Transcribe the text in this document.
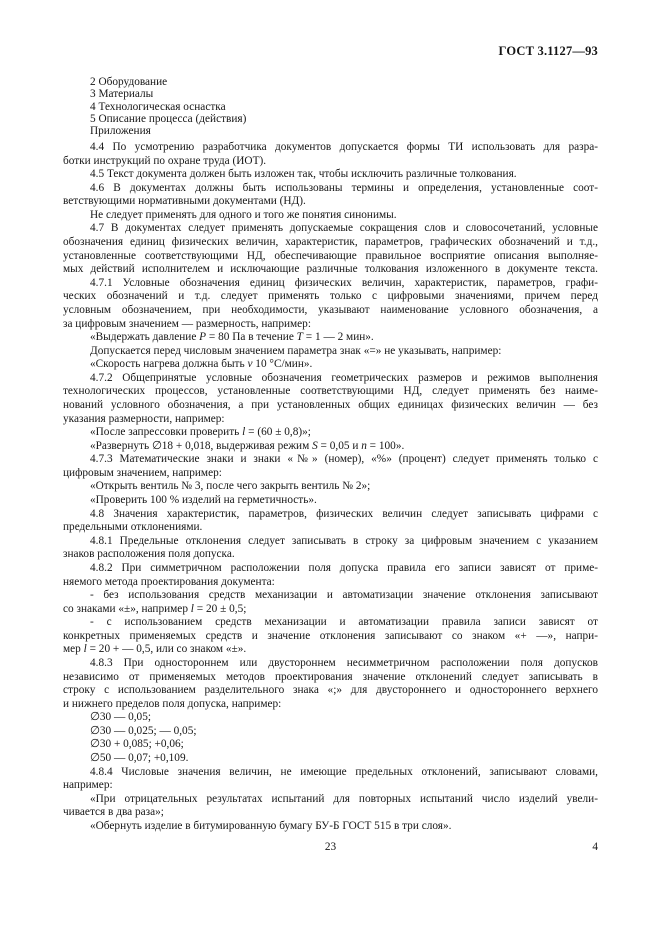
ГОСТ 3.1127—93
2 Оборудование
3 Материалы
4 Технологическая оснастка
5 Описание процесса (действия)
Приложения
4.4 По усмотрению разработчика документов допускается формы ТИ использовать для разра-
ботки инструкций по охране труда (ИОТ).
4.5 Текст документа должен быть изложен так, чтобы исключить различные толкования.
4.6 В документах должны быть использованы термины и определения, установленные соот-
ветствующими нормативными документами (НД).
Не следует применять для одного и того же понятия синонимы.
4.7 В документах следует применять допускаемые сокращения слов и словосочетаний, условные
обозначения единиц физических величин, характеристик, параметров, графических обозначений и т.д.,
установленные соответствующими НД, обеспечивающие правильное восприятие описания выполняе-
мых действий исполнителем и исключающие различные толкования изложенного в документе текста.
4.7.1 Условные обозначения единиц физических величин, характеристик, параметров, графи-
ческих обозначений и т.д. следует применять только с цифровыми значениями, причем перед
условным обозначением, при необходимости, указывают наименование условного обозначения, а
за цифровым значением — размерность, например:
«Выдержать давление P = 80 Па в течение T = 1 — 2 мин».
Допускается перед числовым значением параметра знак «=» не указывать, например:
«Скорость нагрева должна быть v 10 °С/мин».
4.7.2 Общепринятые условные обозначения геометрических размеров и режимов выполнения
технологических процессов, установленные соответствующими НД, следует применять без наиме-
нований условного обозначения, а при установленных общих единицах физических величин — без
указания размерности, например:
«После запрессовки проверить l = (60 ± 0,8)»;
«Развернуть ∅18 + 0,018, выдерживая режим S = 0,05 и n = 100».
4.7.3 Математические знаки и знаки «№» (номер), «%» (процент) следует применять только с
цифровым значением, например:
«Открыть вентиль № 3, после чего закрыть вентиль № 2»;
«Проверить 100 % изделий на герметичность».
4.8 Значения характеристик, параметров, физических величин следует записывать цифрами с
предельными отклонениями.
4.8.1 Предельные отклонения следует записывать в строку за цифровым значением с указанием
знаков расположения поля допуска.
4.8.2 При симметричном расположении поля допуска правила его записи зависят от приме-
няемого метода проектирования документа:
- без использования средств механизации и автоматизации значение отклонения записывают
со знаками «±», например l = 20 ± 0,5;
- с использованием средств механизации и автоматизации правила записи зависят от
конкретных применяемых средств и значение отклонения записывают со знаком «+ —», напри-
мер l = 20 + — 0,5, или со знаком «±».
4.8.3 При одностороннем или двустороннем несимметричном расположении поля допусков
независимо от применяемых методов проектирования значение отклонений следует записывать в
строку с использованием разделительного знака «;» для двустороннего и одностороннего верхнего
и нижнего пределов поля допуска, например:
∅30 — 0,05;
∅30 — 0,025; — 0,05;
∅30 + 0,085; +0,06;
∅50 — 0,07; +0,109.
4.8.4 Числовые значения величин, не имеющие предельных отклонений, записывают словами,
например:
«При отрицательных результатах испытаний для повторных испытаний число изделий увели-
чивается в два раза»;
«Обернуть изделие в битумированную бумагу БУ-Б ГОСТ 515 в три слоя».
23	4
